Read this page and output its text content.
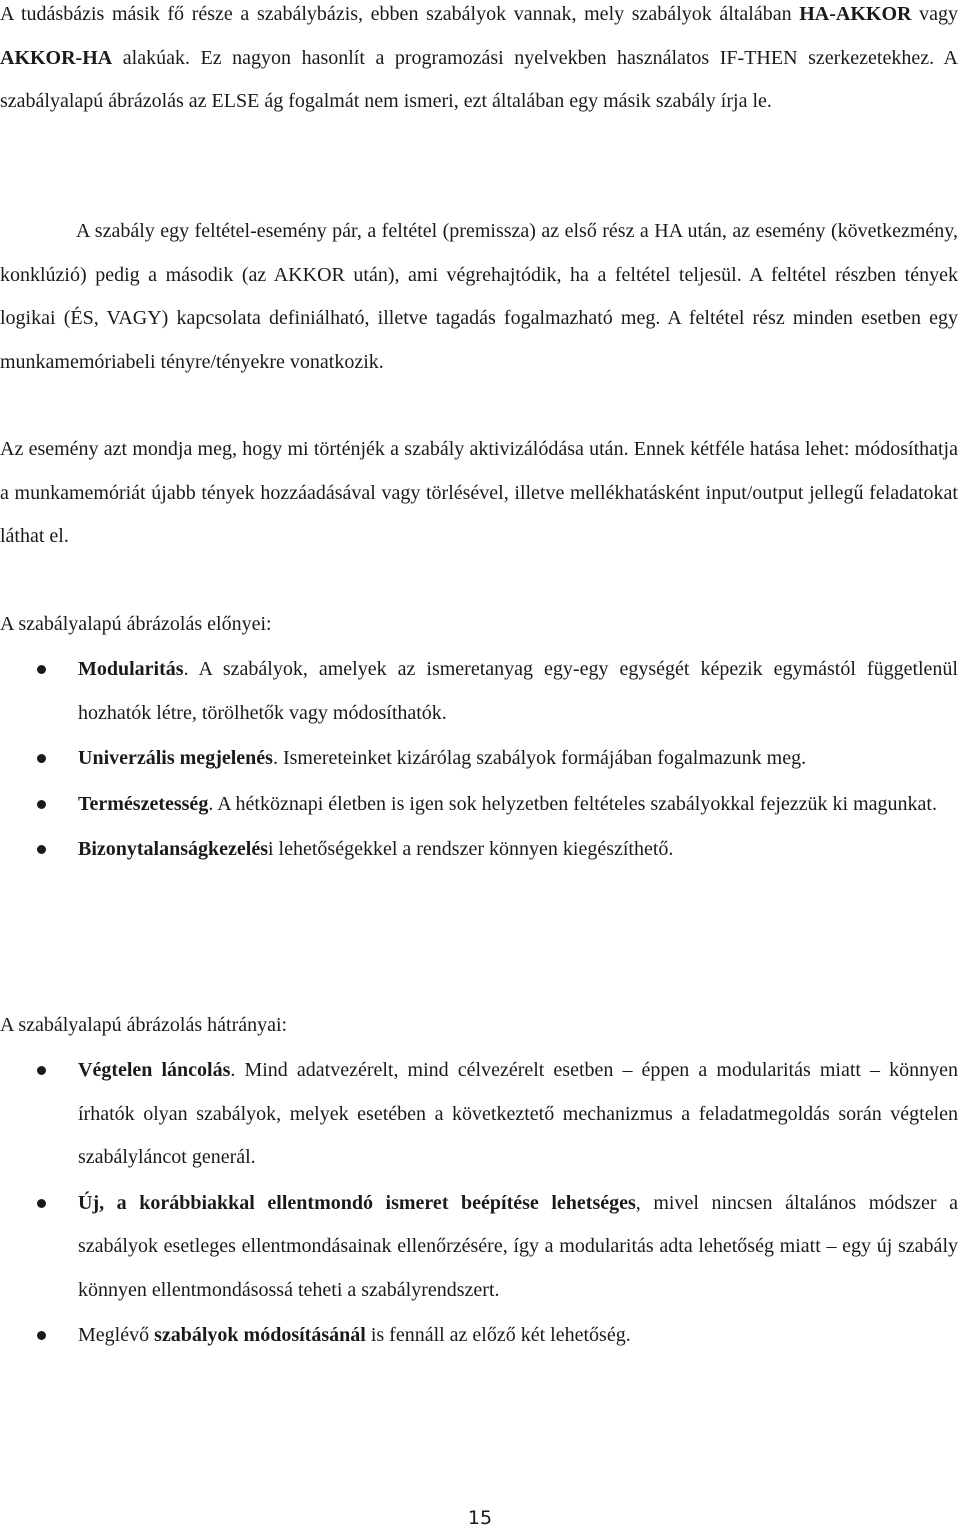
A tudásbázis másik fő része a szabálybázis, ebben szabályok vannak, mely szabályok általában HA-AKKOR vagy AKKOR-HA alakúak. Ez nagyon hasonlít a programozási nyelvekben használatos IF-THEN szerkezetekhez. A szabályalapú ábrázolás az ELSE ág fogalmát nem ismeri, ezt általában egy másik szabály írja le.

A szabály egy feltétel-esemény pár, a feltétel (premissza) az első rész a HA után, az esemény (következmény, konklúzió) pedig a második (az AKKOR után), ami végrehajtódik, ha a feltétel teljesül. A feltétel részben tények logikai (ÉS, VAGY) kapcsolata definiálható, illetve tagadás fogalmazható meg. A feltétel rész minden esetben egy munkamemóriabeli tényre/tényekre vonatkozik.

Az esemény azt mondja meg, hogy mi történjék a szabály aktivizálódása után. Ennek kétféle hatása lehet: módosíthatja a munkamemóriát újabb tények hozzáadásával vagy törlésével, illetve mellékhatásként input/output jellegű feladatokat láthat el.

A szabályalapú ábrázolás előnyei:

Modularitás. A szabályok, amelyek az ismeretanyag egy-egy egységét képezik egymástól függetlenül hozhatók létre, törölhetők vagy módosíthatók.
Univerzális megjelenés. Ismereteinket kizárólag szabályok formájában fogalmazunk meg.
Természetesség. A hétköznapi életben is igen sok helyzetben feltételes szabályokkal fejezzük ki magunkat.
Bizonytalanságkezelési lehetőségekkel a rendszer könnyen kiegészíthető.

A szabályalapú ábrázolás hátrányai:

Végtelen láncolás. Mind adatvezérelt, mind célvezérelt esetben – éppen a modularitás miatt – könnyen írhatók olyan szabályok, melyek esetében a következtető mechanizmus a feladatmegoldás során végtelen szabályláncot generál.
Új, a korábbiakkal ellentmondó ismeret beépítése lehetséges, mivel nincsen általános módszer a szabályok esetleges ellentmondásainak ellenőrzésére, így a modularitás adta lehetőség miatt – egy új szabály könnyen ellentmondásossá teheti a szabályrendszert.
Meglévő szabályok módosításánál is fennáll az előző két lehetőség.
15
